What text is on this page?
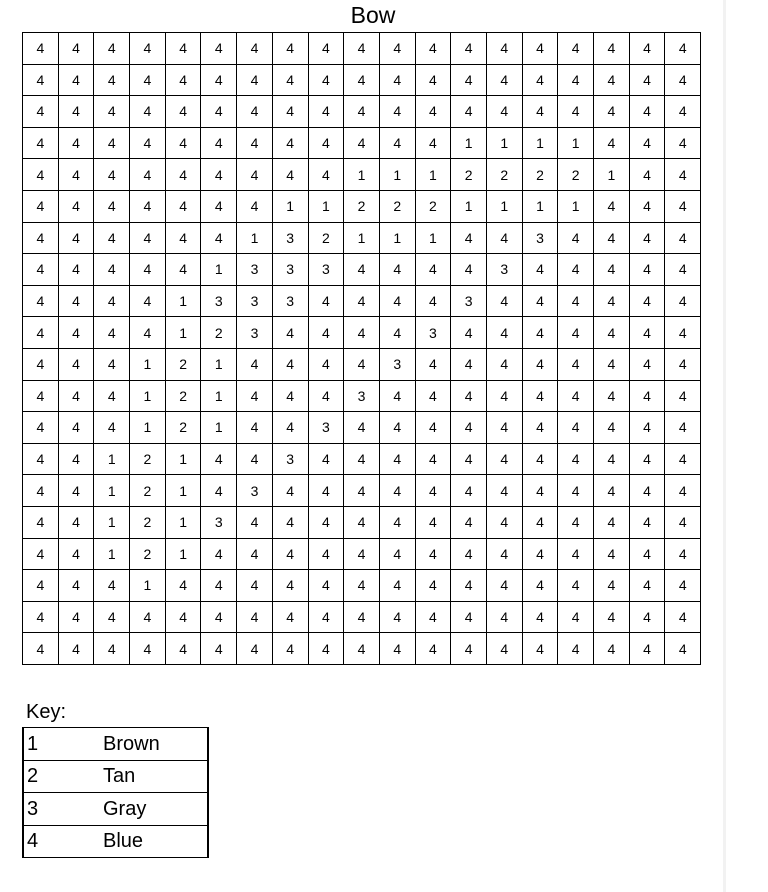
Bow
4	4	4	4	4	4	4	4	4	4	4	4	4	4	4	4	4	4	4
4	4	4	4	4	4	4	4	4	4	4	4	4	4	4	4	4	4	4
4	4	4	4	4	4	4	4	4	4	4	4	4	4	4	4	4	4	4
4	4	4	4	4	4	4	4	4	4	4	4	1	1	1	1	4	4	4
4	4	4	4	4	4	4	4	4	1	1	1	2	2	2	2	1	4	4
4	4	4	4	4	4	4	1	1	2	2	2	1	1	1	1	4	4	4
4	4	4	4	4	4	1	3	2	1	1	1	4	4	3	4	4	4	4
4	4	4	4	4	1	3	3	3	4	4	4	4	3	4	4	4	4	4
4	4	4	4	1	3	3	3	4	4	4	4	3	4	4	4	4	4	4
4	4	4	4	1	2	3	4	4	4	4	3	4	4	4	4	4	4	4
4	4	4	1	2	1	4	4	4	4	3	4	4	4	4	4	4	4	4
4	4	4	1	2	1	4	4	4	3	4	4	4	4	4	4	4	4	4
4	4	4	1	2	1	4	4	3	4	4	4	4	4	4	4	4	4	4
4	4	1	2	1	4	4	3	4	4	4	4	4	4	4	4	4	4	4
4	4	1	2	1	4	3	4	4	4	4	4	4	4	4	4	4	4	4
4	4	1	2	1	3	4	4	4	4	4	4	4	4	4	4	4	4	4
4	4	1	2	1	4	4	4	4	4	4	4	4	4	4	4	4	4	4
4	4	4	1	4	4	4	4	4	4	4	4	4	4	4	4	4	4	4
4	4	4	4	4	4	4	4	4	4	4	4	4	4	4	4	4	4	4
4	4	4	4	4	4	4	4	4	4	4	4	4	4	4	4	4	4	4
Key:
1	Brown
2	Tan
3	Gray
4	Blue
